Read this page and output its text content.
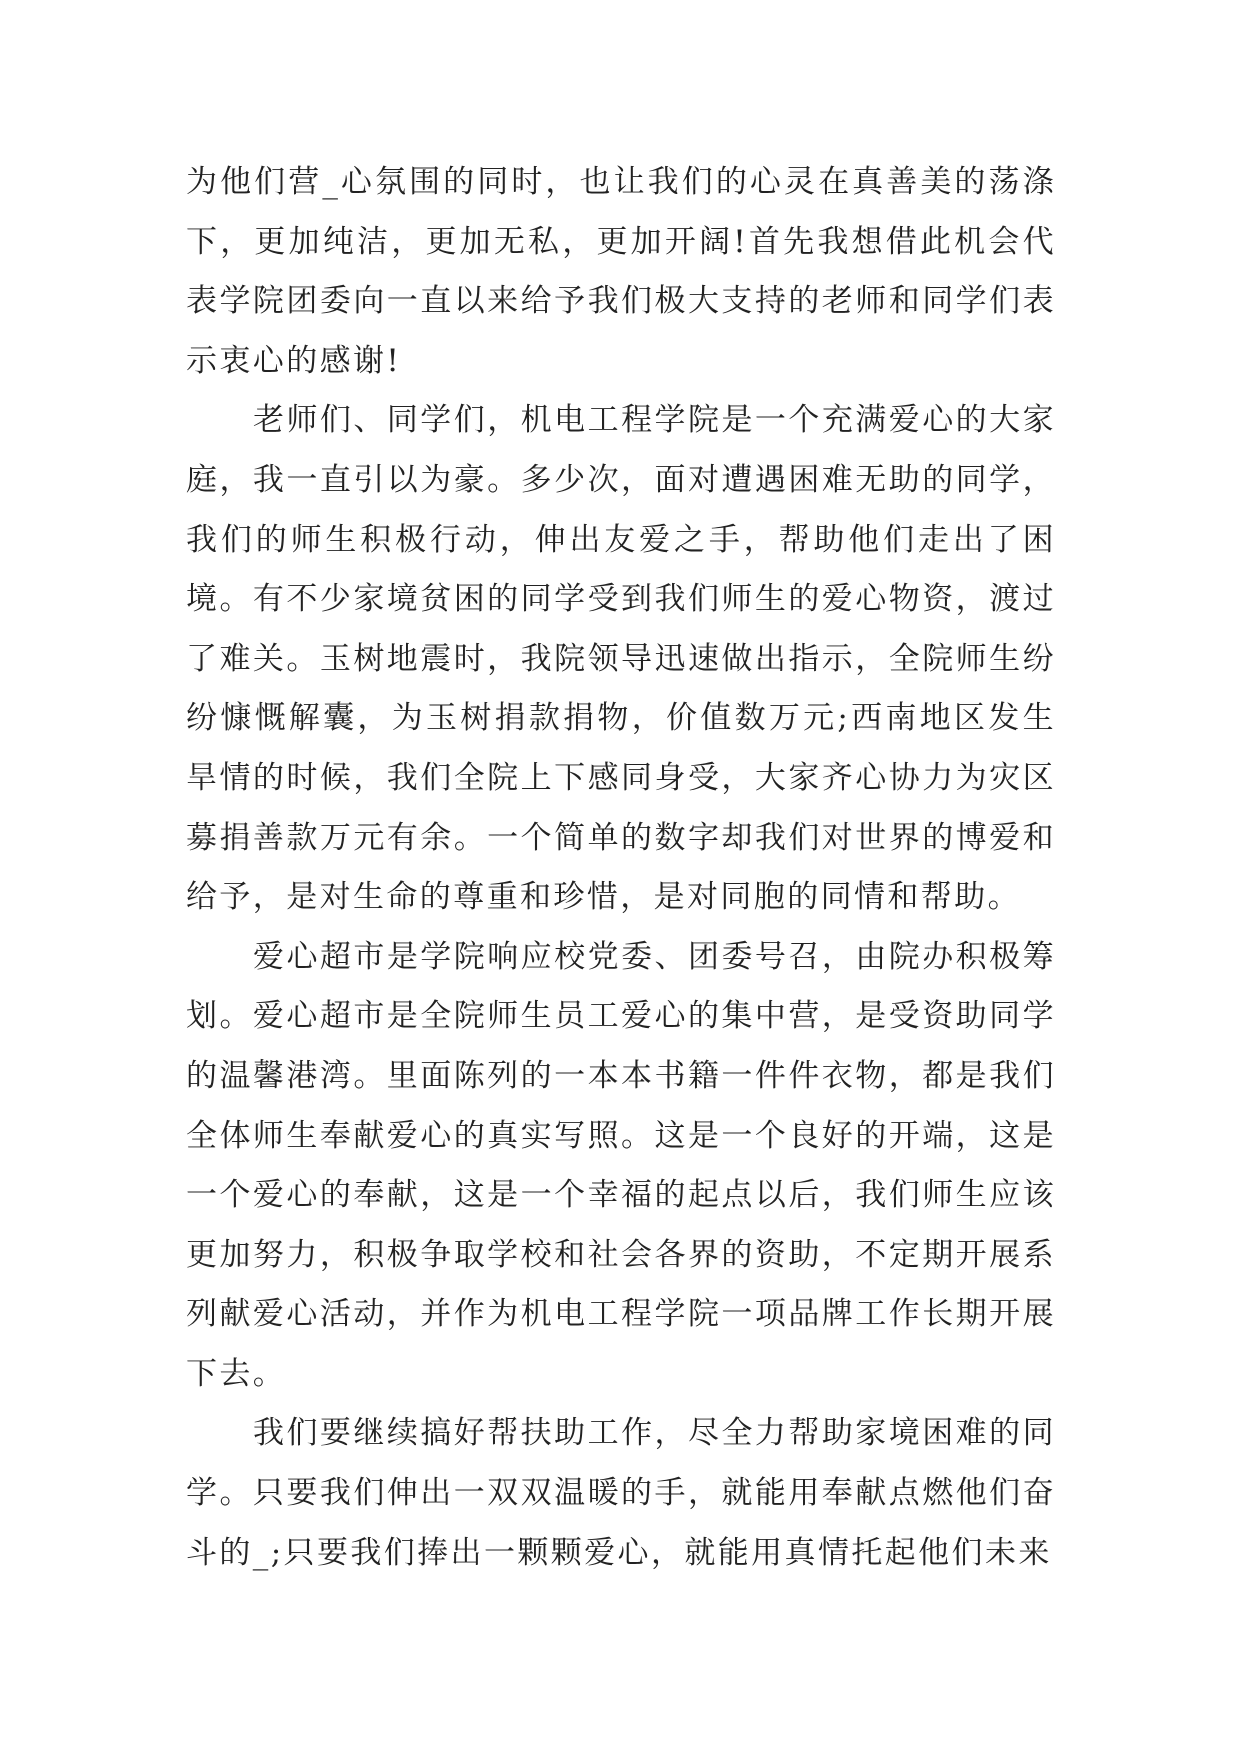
为他们营_心氛围的同时，也让我们的心灵在真善美的荡涤下，更加纯洁，更加无私，更加开阔!首先我想借此机会代表学院团委向一直以来给予我们极大支持的老师和同学们表示衷心的感谢!

老师们、同学们，机电工程学院是一个充满爱心的大家庭，我一直引以为豪。多少次，面对遭遇困难无助的同学，我们的师生积极行动，伸出友爱之手，帮助他们走出了困境。有不少家境贫困的同学受到我们师生的爱心物资，渡过了难关。玉树地震时，我院领导迅速做出指示，全院师生纷纷慷慨解囊，为玉树捐款捐物，价值数万元;西南地区发生旱情的时候，我们全院上下感同身受，大家齐心协力为灾区募捐善款万元有余。一个简单的数字却我们对世界的博爱和给予，是对生命的尊重和珍惜，是对同胞的同情和帮助。

爱心超市是学院响应校党委、团委号召，由院办积极筹划。爱心超市是全院师生员工爱心的集中营，是受资助同学的温馨港湾。里面陈列的一本本书籍一件件衣物，都是我们全体师生奉献爱心的真实写照。这是一个良好的开端，这是一个爱心的奉献，这是一个幸福的起点以后，我们师生应该更加努力，积极争取学校和社会各界的资助，不定期开展系列献爱心活动，并作为机电工程学院一项品牌工作长期开展下去。

我们要继续搞好帮扶助工作，尽全力帮助家境困难的同学。只要我们伸出一双双温暖的手，就能用奉献点燃他们奋斗的_;只要我们捧出一颗颗爱心，就能用真情托起他们未来
